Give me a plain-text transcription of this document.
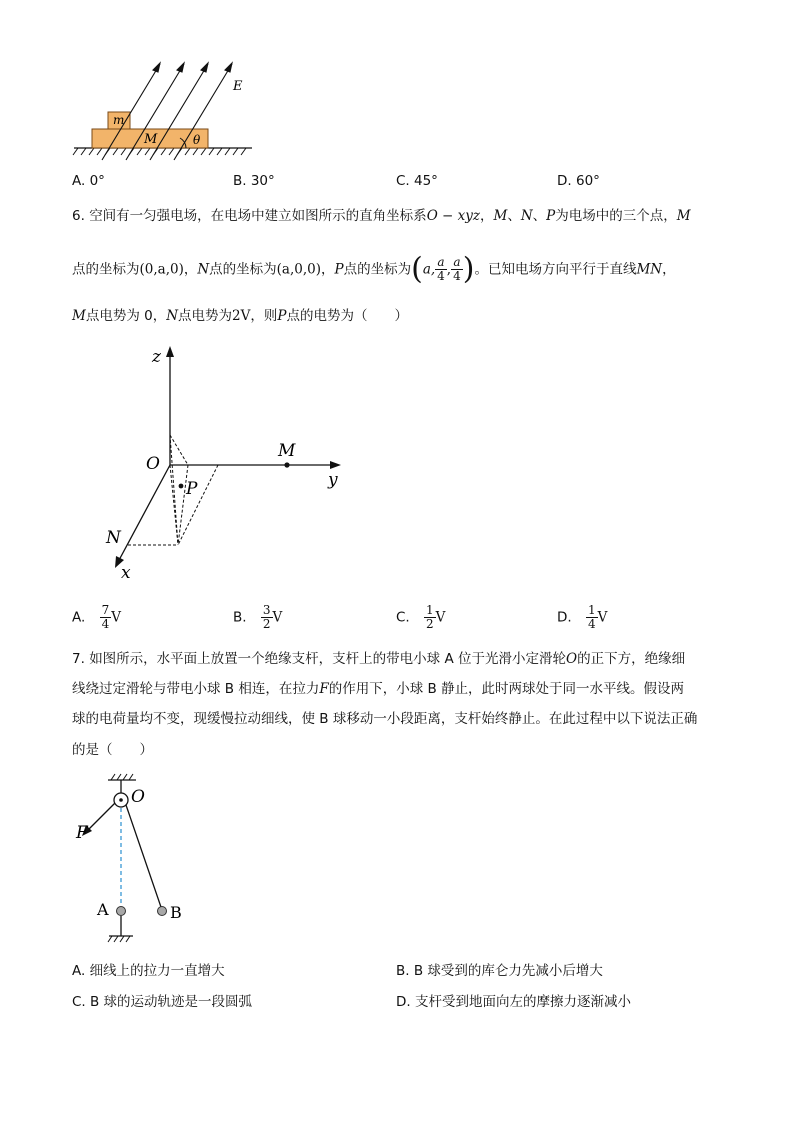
m
M	θ
E
A. 0°	B. 30°	C. 45°	D. 60°
6. 空间有一匀强电场，在电场中建立如图所示的直角坐标系O − xyz，M、N、P为电场中的三个点，M
点的坐标为(0,a,0)，N点的坐标为(a,0,0)，P点的坐标为(a, $\frac{a}{4}$ , $\frac{a}{4}$ )。已知电场方向平行于直线MN，
M点电势为 0，N点电势为2V，则P点的电势为（　　）
z
O
M
y
P
N
x
A. $\frac{7}{4}$ V	B. $\frac{3}{2}$ V	C. $\frac{1}{2}$ V	D. $\frac{1}{4}$ V
7. 如图所示，水平面上放置一个绝缘支杆，支杆上的带电小球 A 位于光滑小定滑轮O的正下方，绝缘细
线绕过定滑轮与带电小球 B 相连，在拉力F的作用下，小球 B 静止，此时两球处于同一水平线。假设两
球的电荷量均不变，现缓慢拉动细线，使 B 球移动一小段距离，支杆始终静止。在此过程中以下说法正确
的是（　　）
O
F
A	B
A. 细线上的拉力一直增大	B. B 球受到的库仑力先减小后增大
C. B 球的运动轨迹是一段圆弧	D. 支杆受到地面向左的摩擦力逐渐减小
